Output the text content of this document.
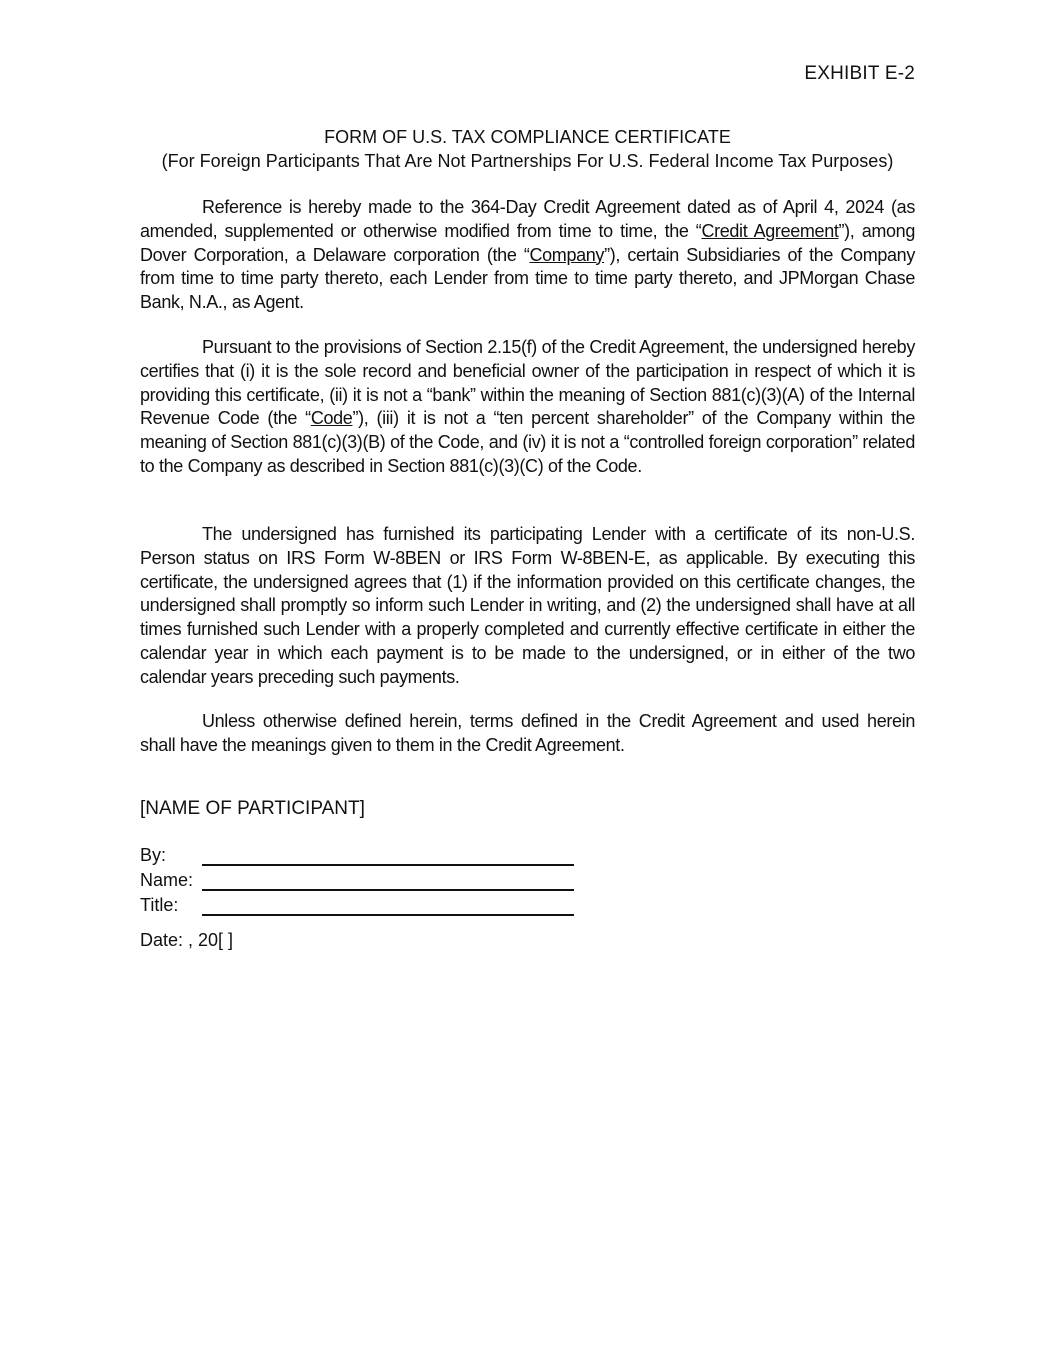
EXHIBIT E-2
FORM OF U.S. TAX COMPLIANCE CERTIFICATE
(For Foreign Participants That Are Not Partnerships For U.S. Federal Income Tax Purposes)

Reference is hereby made to the 364-Day Credit Agreement dated as of April 4, 2024 (as amended, supplemented or otherwise modified from time to time, the “Credit Agreement”), among Dover Corporation, a Delaware corporation (the “Company”), certain Subsidiaries of the Company from time to time party thereto, each Lender from time to time party thereto, and JPMorgan Chase Bank, N.A., as Agent.

Pursuant to the provisions of Section 2.15(f) of the Credit Agreement, the undersigned hereby certifies that (i) it is the sole record and beneficial owner of the participation in respect of which it is providing this certificate, (ii) it is not a “bank” within the meaning of Section 881(c)(3)(A) of the Internal Revenue Code (the “Code”), (iii) it is not a “ten percent shareholder” of the Company within the meaning of Section 881(c)(3)(B) of the Code, and (iv) it is not a “controlled foreign corporation” related to the Company as described in Section 881(c)(3)(C) of the Code.

The undersigned has furnished its participating Lender with a certificate of its non-U.S. Person status on IRS Form W-8BEN or IRS Form W-8BEN-E, as applicable. By executing this certificate, the undersigned agrees that (1) if the information provided on this certificate changes, the undersigned shall promptly so inform such Lender in writing, and (2) the undersigned shall have at all times furnished such Lender with a properly completed and currently effective certificate in either the calendar year in which each payment is to be made to the undersigned, or in either of the two calendar years preceding such payments.

Unless otherwise defined herein, terms defined in the Credit Agreement and used herein shall have the meanings given to them in the Credit Agreement.

[NAME OF PARTICIPANT]
By:
Name:
Title:
Date: , 20[ ]
